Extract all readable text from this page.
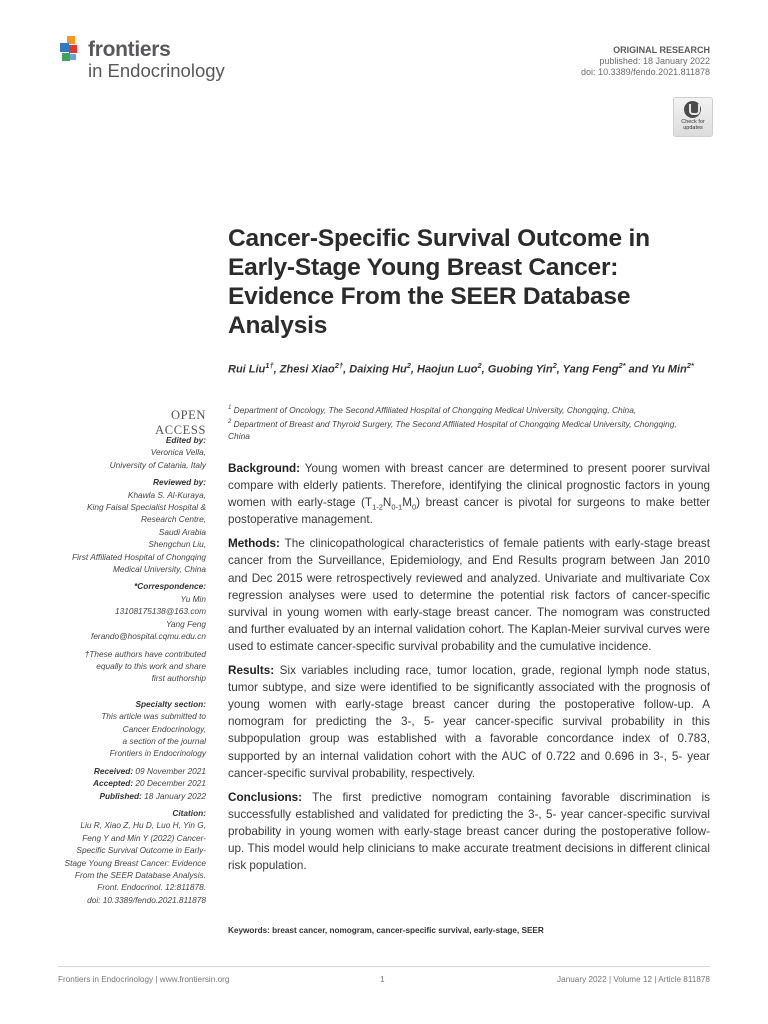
frontiers
in Endocrinology
ORIGINAL RESEARCH
published: 18 January 2022
doi: 10.3389/fendo.2021.811878
Check for
updates
Cancer-Specific Survival Outcome in Early-Stage Young Breast Cancer: Evidence From the SEER Database Analysis
Rui Liu$^{1\dagger}$, Zhesi Xiao$^{2\dagger}$, Daixing Hu$^2$, Haojun Luo$^2$, Guobing Yin$^2$, Yang Feng$^{2*}$ and Yu Min$^{2*}$
$^1$ Department of Oncology, The Second Affiliated Hospital of Chongqing Medical University, Chongqing, China,
$^2$ Department of Breast and Thyroid Surgery, The Second Affiliated Hospital of Chongqing Medical University, Chongqing, China
OPEN ACCESS
Edited by:
Veronica Vella,
University of Catania, Italy
Reviewed by:
Khawla S. Al-Kuraya,
King Faisal Specialist Hospital &
Research Centre,
Saudi Arabia
Shengchun Liu,
First Affiliated Hospital of Chongqing
Medical University, China
*Correspondence:
Yu Min
13108175138@163.com
Yang Feng
ferando@hospital.cqmu.edu.cn
†These authors have contributed
equally to this work and share
first authorship
Specialty section:
This article was submitted to
Cancer Endocrinology,
a section of the journal
Frontiers in Endocrinology
Received: 09 November 2021
Accepted: 20 December 2021
Published: 18 January 2022
Citation:
Liu R, Xiao Z, Hu D, Luo H, Yin G,
Feng Y and Min Y (2022) Cancer-
Specific Survival Outcome in Early-
Stage Young Breast Cancer: Evidence
From the SEER Database Analysis.
Front. Endocrinol. 12:811878.
doi: 10.3389/fendo.2021.811878

Background: Young women with breast cancer are determined to present poorer survival compare with elderly patients. Therefore, identifying the clinical prognostic factors in young women with early-stage $(T_{1-2}N_{0-1}M_0)$ breast cancer is pivotal for surgeons to make better postoperative management.

Methods: The clinicopathological characteristics of female patients with early-stage breast cancer from the Surveillance, Epidemiology, and End Results program between Jan 2010 and Dec 2015 were retrospectively reviewed and analyzed. Univariate and multivariate Cox regression analyses were used to determine the potential risk factors of cancer-specific survival in young women with early-stage breast cancer. The nomogram was constructed and further evaluated by an internal validation cohort. The Kaplan-Meier survival curves were used to estimate cancer-specific survival probability and the cumulative incidence.

Results: Six variables including race, tumor location, grade, regional lymph node status, tumor subtype, and size were identified to be significantly associated with the prognosis of young women with early-stage breast cancer during the postoperative follow-up. A nomogram for predicting the 3-, 5- year cancer-specific survival probability in this subpopulation group was established with a favorable concordance index of 0.783, supported by an internal validation cohort with the AUC of 0.722 and 0.696 in 3-, 5- year cancer-specific survival probability, respectively.

Conclusions: The first predictive nomogram containing favorable discrimination is successfully established and validated for predicting the 3-, 5- year cancer-specific survival probability in young women with early-stage breast cancer during the postoperative follow-up. This model would help clinicians to make accurate treatment decisions in different clinical risk population.

Keywords: breast cancer, nomogram, cancer-specific survival, early-stage, SEER
Frontiers in Endocrinology | www.frontiersin.org	1	January 2022 | Volume 12 | Article 811878
